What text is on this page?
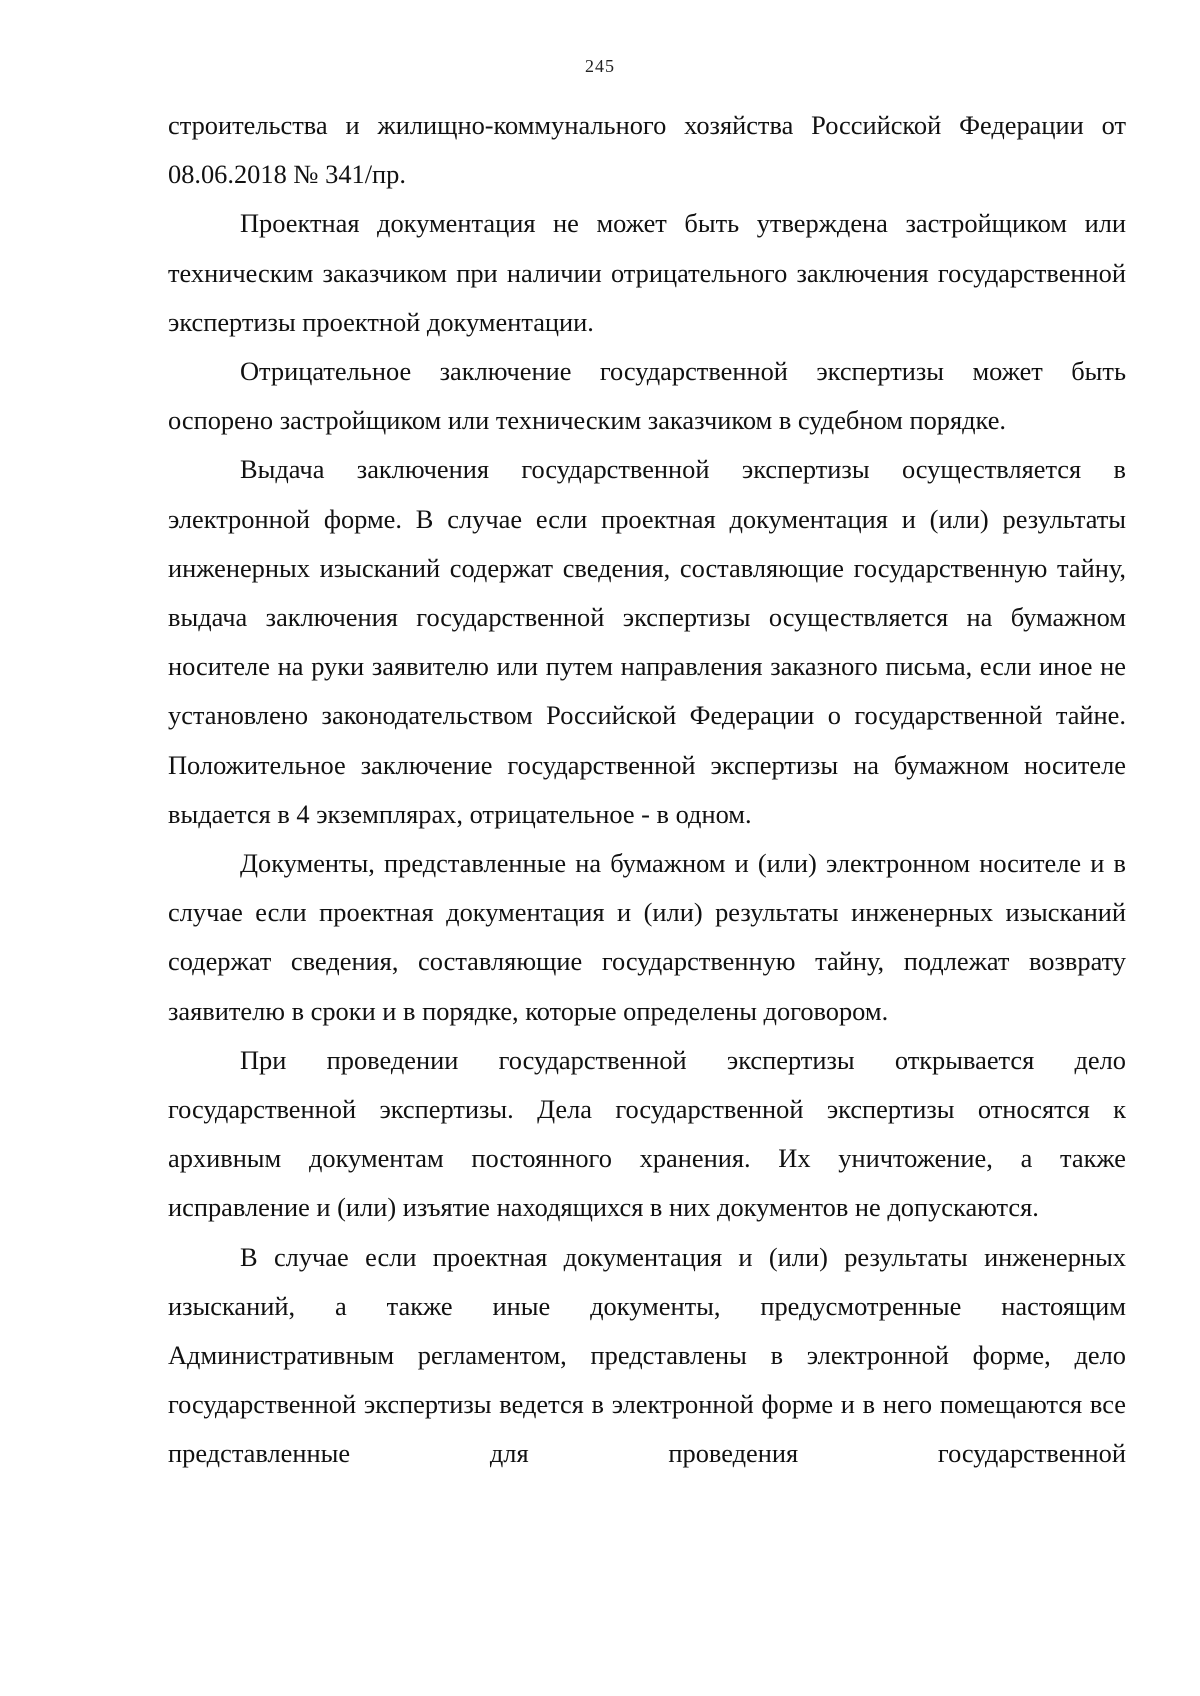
245

строительства и жилищно-коммунального хозяйства Российской Федерации от 08.06.2018 № 341/пр.

Проектная документация не может быть утверждена застройщиком или техническим заказчиком при наличии отрицательного заключения государственной экспертизы проектной документации.

Отрицательное заключение государственной экспертизы может быть оспорено застройщиком или техническим заказчиком в судебном порядке.

Выдача заключения государственной экспертизы осуществляется в электронной форме. В случае если проектная документация и (или) результаты инженерных изысканий содержат сведения, составляющие государственную тайну, выдача заключения государственной экспертизы осуществляется на бумажном носителе на руки заявителю или путем направления заказного письма, если иное не установлено законодательством Российской Федерации о государственной тайне. Положительное заключение государственной экспертизы на бумажном носителе выдается в 4 экземплярах, отрицательное - в одном.

Документы, представленные на бумажном и (или) электронном носителе и в случае если проектная документация и (или) результаты инженерных изысканий содержат сведения, составляющие государственную тайну, подлежат возврату заявителю в сроки и в порядке, которые определены договором.

При проведении государственной экспертизы открывается дело государственной экспертизы. Дела государственной экспертизы относятся к архивным документам постоянного хранения. Их уничтожение, а также исправление и (или) изъятие находящихся в них документов не допускаются.

В случае если проектная документация и (или) результаты инженерных изысканий, а также иные документы, предусмотренные настоящим Административным регламентом, представлены в электронной форме, дело государственной экспертизы ведется в электронной форме и в него помещаются все представленные для проведения государственной
